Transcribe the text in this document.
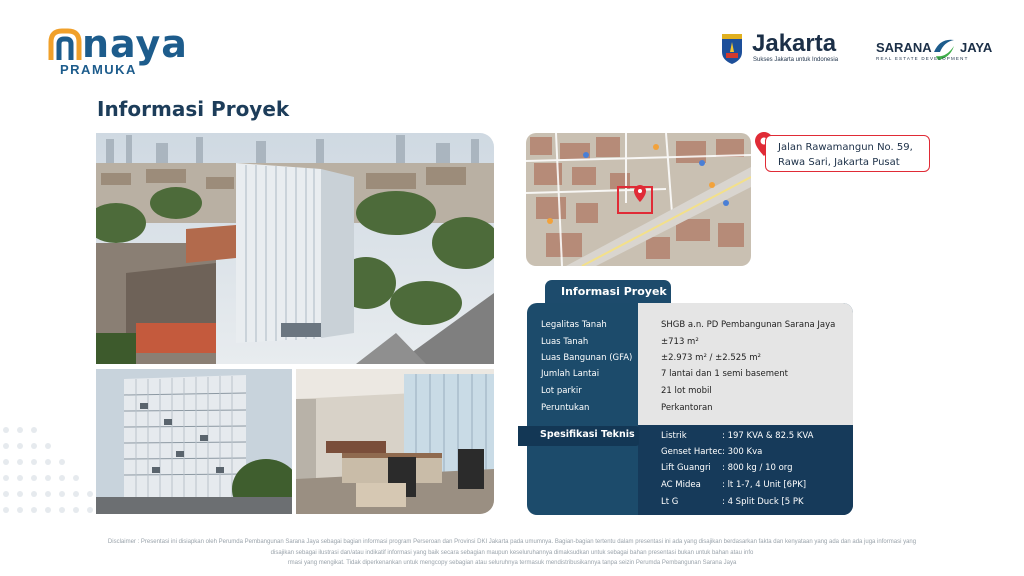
naya
PRAMUKA
Jakarta
Sukses Jakarta untuk Indonesia
SARANA JAYA
REAL ESTATE DEVELOPMENT
Informasi Proyek
Jalan Rawamangun No. 59,
Rawa Sari, Jakarta Pusat
Informasi Proyek
Legalitas Tanah	SHGB a.n. PD Pembangunan Sarana Jaya
Luas Tanah	±713 m²
Luas Bangunan (GFA)	±2.973 m² / ±2.525 m²
Jumlah Lantai	7 lantai dan 1 semi basement
Lot parkir	21 lot mobil
Peruntukan	Perkantoran
Spesifikasi Teknis	Listrik	: 197 KVA & 82.5 KVA
Genset Hartec : 300 Kva
Lift Guangri : 800 kg / 10 org
AC Midea : lt 1-7, 4 Unit [6PK]
Lt G	: 4 Split Duck [5 PK
Disclaimer : Presentasi ini disiapkan oleh Perumda Pembangunan Sarana Jaya sebagai bagian informasi program Perseroan dan Provinsi DKI Jakarta pada umumnya. Bagian-bagian tertentu dalam presentasi ini ada yang disajikan berdasarkan fakta dan kenyataan yang ada dan ada juga informasi yang
disajikan sebagai ilustrasi dan/atau indikatif informasi yang baik secara sebagian maupun keseluruhannya dimaksudkan untuk sebagai bahan presentasi bukan untuk bahan atau info
rmasi yang mengikat. Tidak diperkenankan untuk mengcopy sebagian atau seluruhnya termasuk mendistribusikannya tanpa seizin Perumda Pembangunan Sarana Jaya
